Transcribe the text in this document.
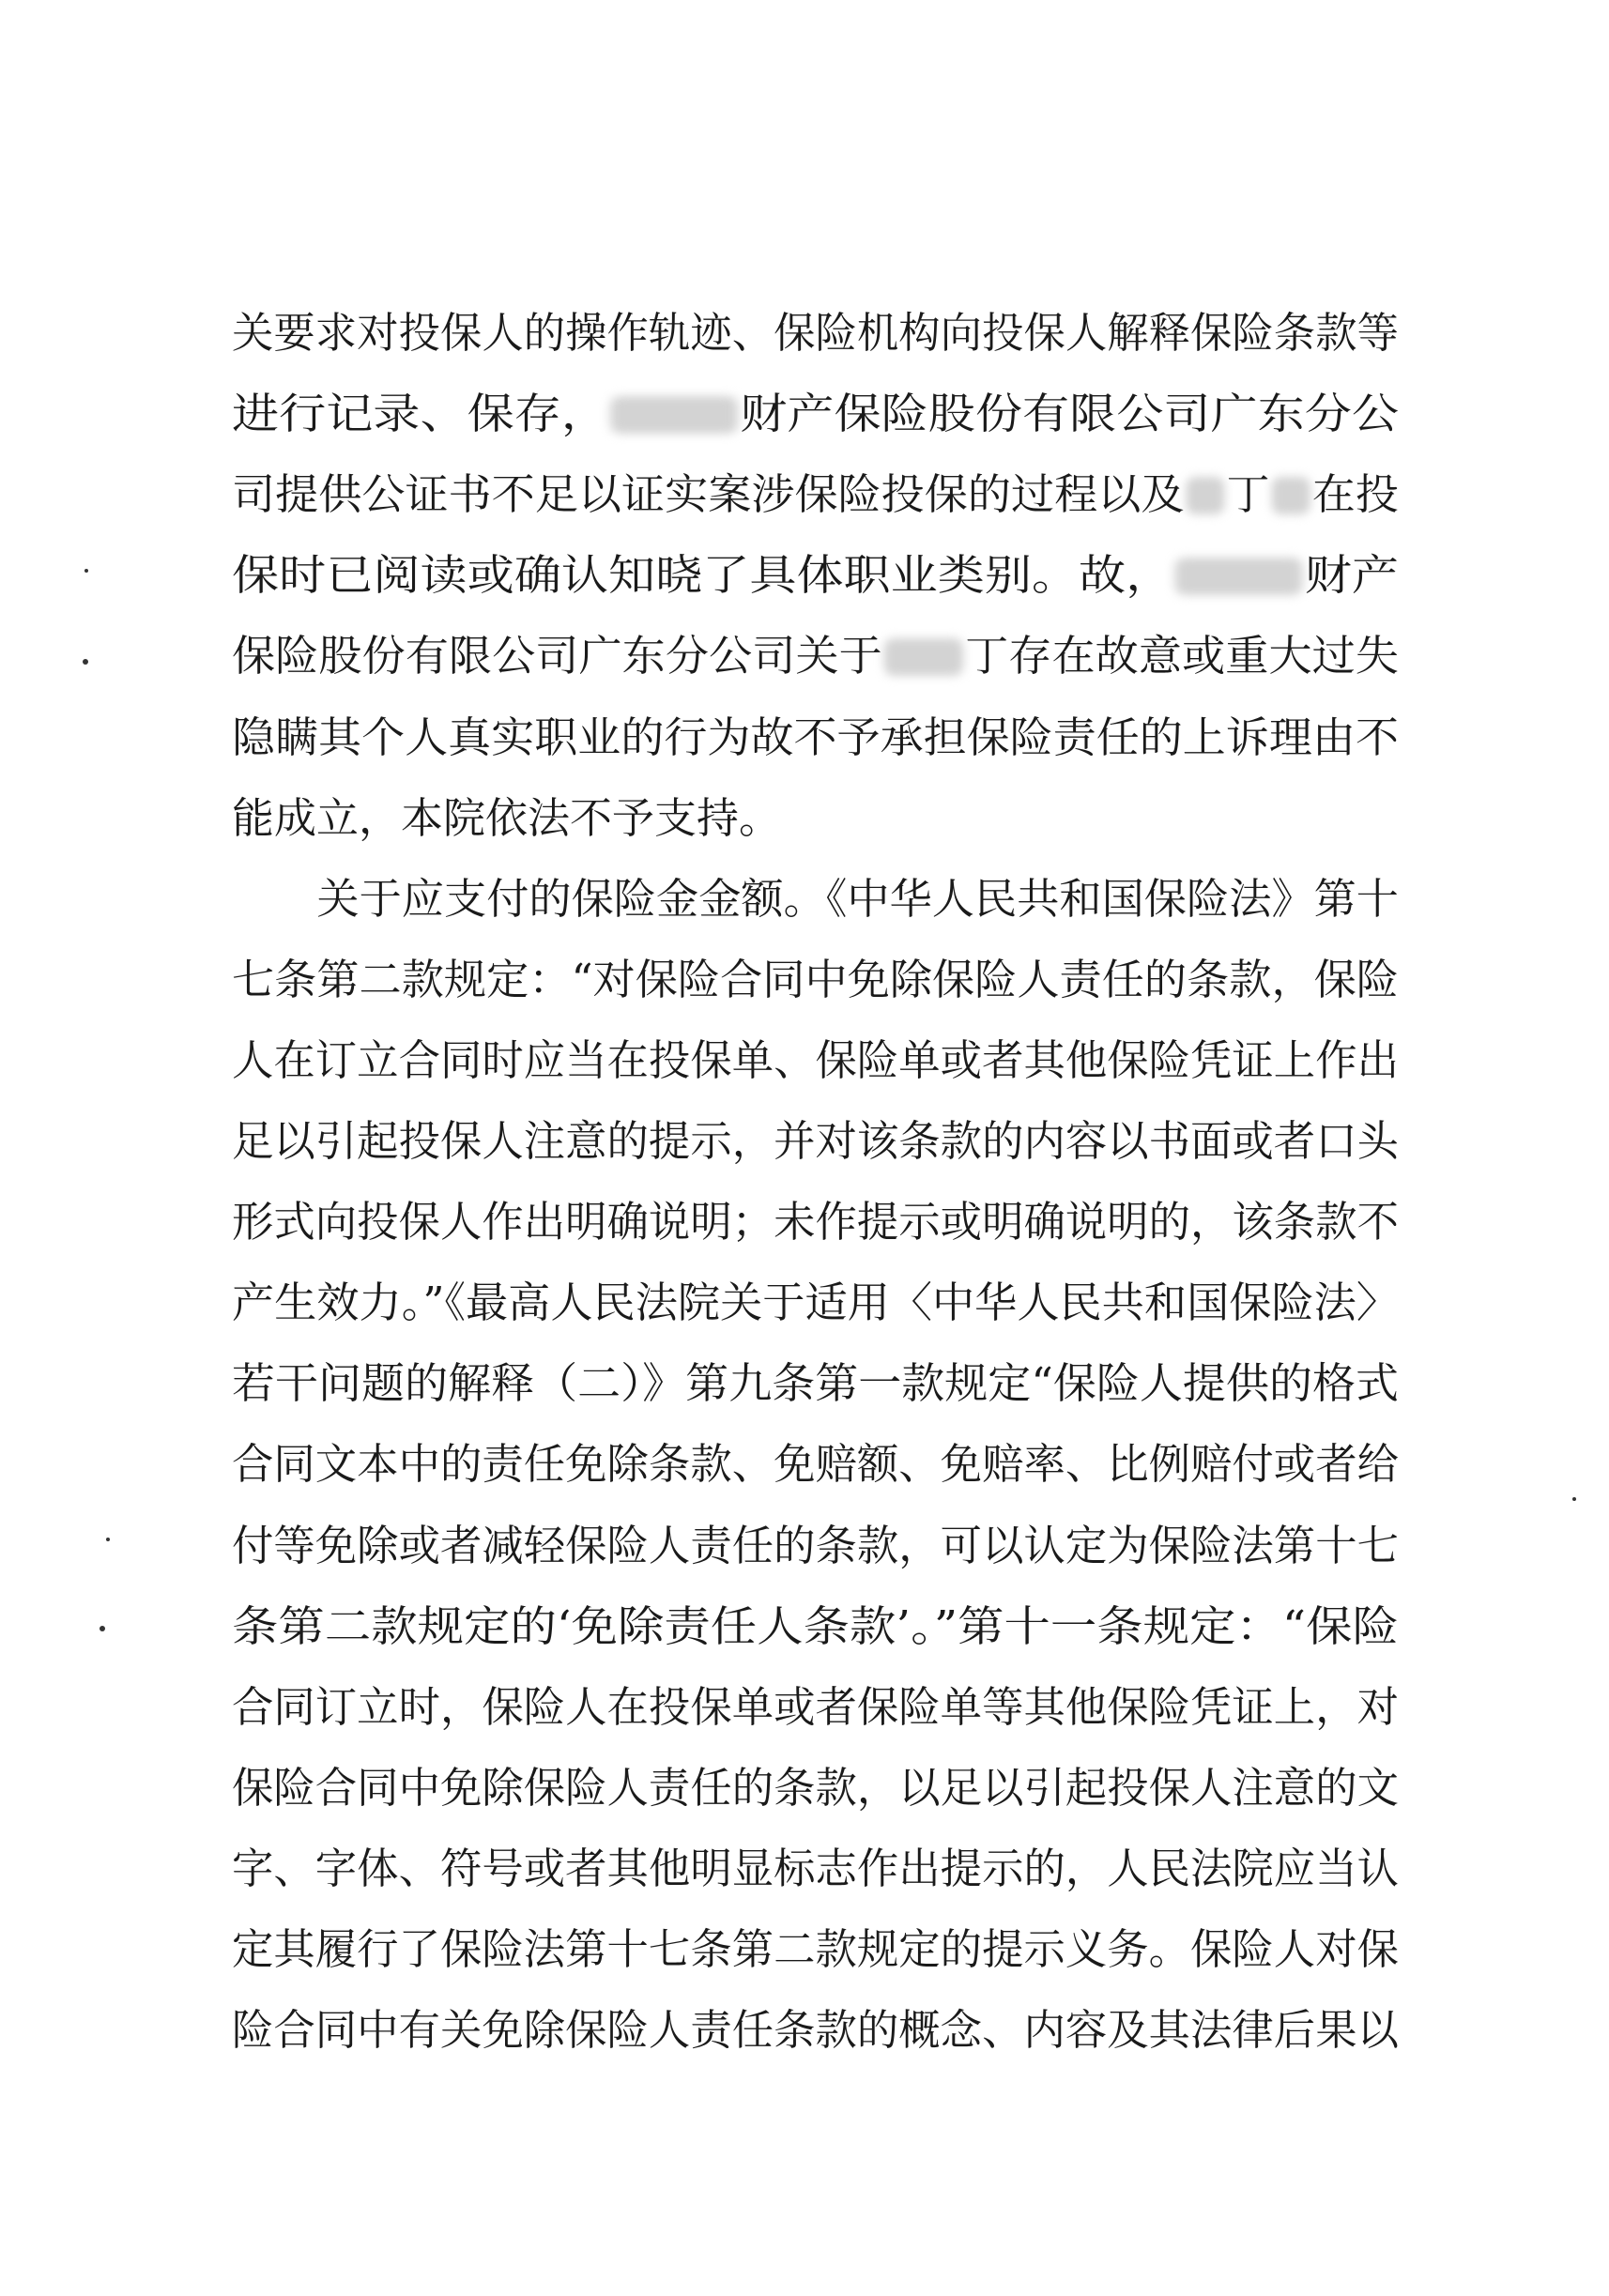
关要求对投保人的操作轨迹、保险机构向投保人解释保险条款等
进行记录、保存，	财产保险股份有限公司广东分公
司提供公证书不足以证实案涉保险投保的过程以及 丁 在投
保时已阅读或确认知晓了具体职业类别。故，	财产
保险股份有限公司广东分公司关于 丁存在故意或重大过失
隐瞒其个人真实职业的行为故不予承担保险责任的上诉理由不
能成立，本院依法不予支持。
　　关于应支付的保险金金额。《中华人民共和国保险法》第十
七条第二款规定：“对保险合同中免除保险人责任的条款，保险
人在订立合同时应当在投保单、保险单或者其他保险凭证上作出
足以引起投保人注意的提示，并对该条款的内容以书面或者口头
形式向投保人作出明确说明；未作提示或明确说明的，该条款不
产生效力。”《最高人民法院关于适用〈中华人民共和国保险法〉
若干问题的解释（二）》第九条第一款规定“保险人提供的格式
合同文本中的责任免除条款、免赔额、免赔率、比例赔付或者给
付等免除或者减轻保险人责任的条款，可以认定为保险法第十七
条第二款规定的‘免除责任人条款’。”第十一条规定：“保险
合同订立时，保险人在投保单或者保险单等其他保险凭证上，对
保险合同中免除保险人责任的条款，以足以引起投保人注意的文
字、字体、符号或者其他明显标志作出提示的，人民法院应当认
定其履行了保险法第十七条第二款规定的提示义务。保险人对保
险合同中有关免除保险人责任条款的概念、内容及其法律后果以
